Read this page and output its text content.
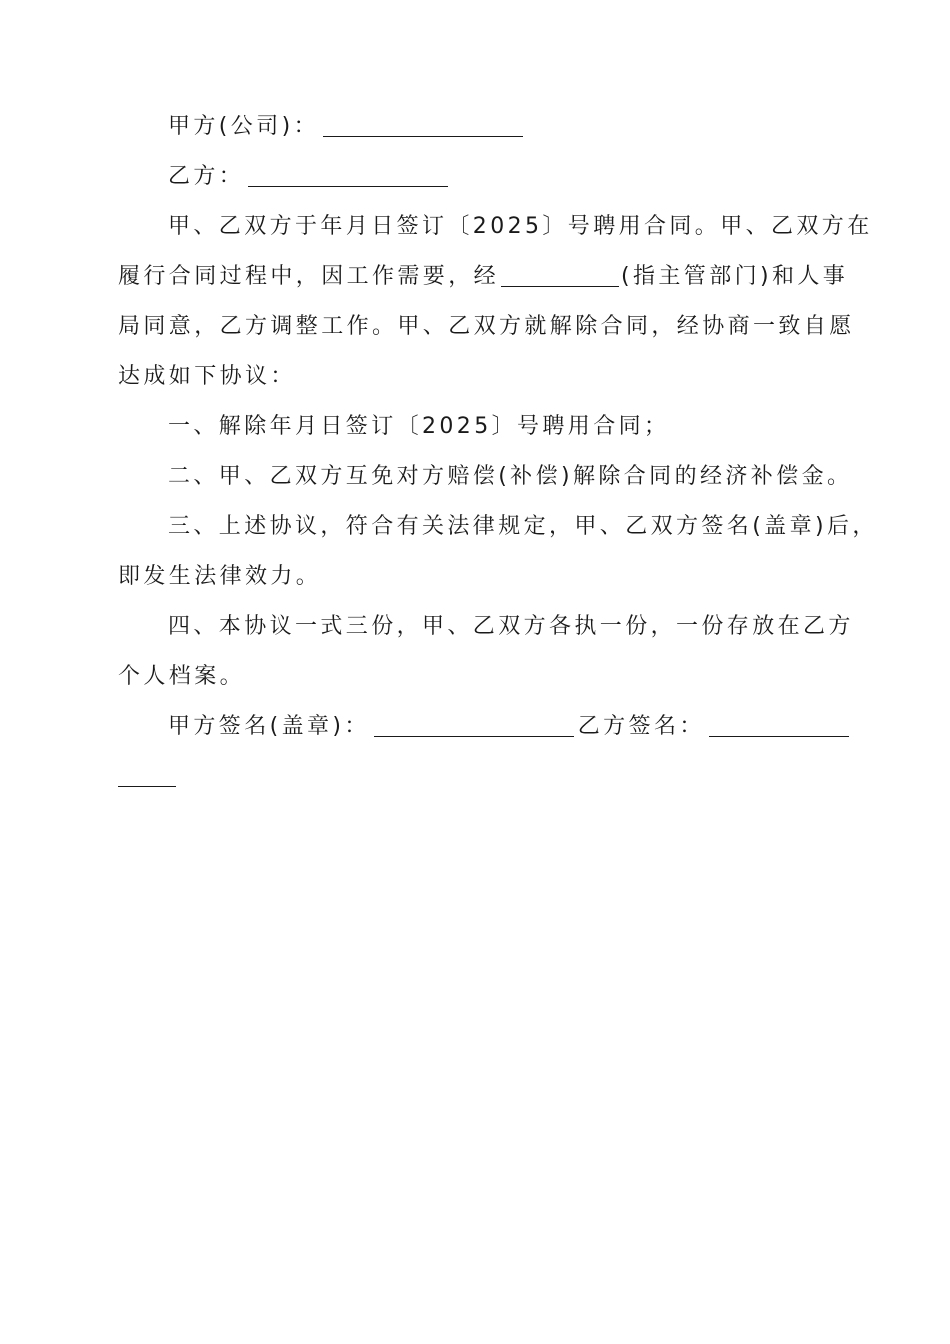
甲方(公司)：
乙方：
甲、乙双方于年月日签订〔2025〕号聘用合同。甲、乙双方在
履行合同过程中，因工作需要，经	(指主管部门)和人事
局同意，乙方调整工作。甲、乙双方就解除合同，经协商一致自愿
达成如下协议：
一、解除年月日签订〔2025〕号聘用合同；
二、甲、乙双方互免对方赔偿(补偿)解除合同的经济补偿金。
三、上述协议，符合有关法律规定，甲、乙双方签名(盖章)后，
即发生法律效力。
四、本协议一式三份，甲、乙双方各执一份，一份存放在乙方
个人档案。
甲方签名(盖章)：	乙方签名：
